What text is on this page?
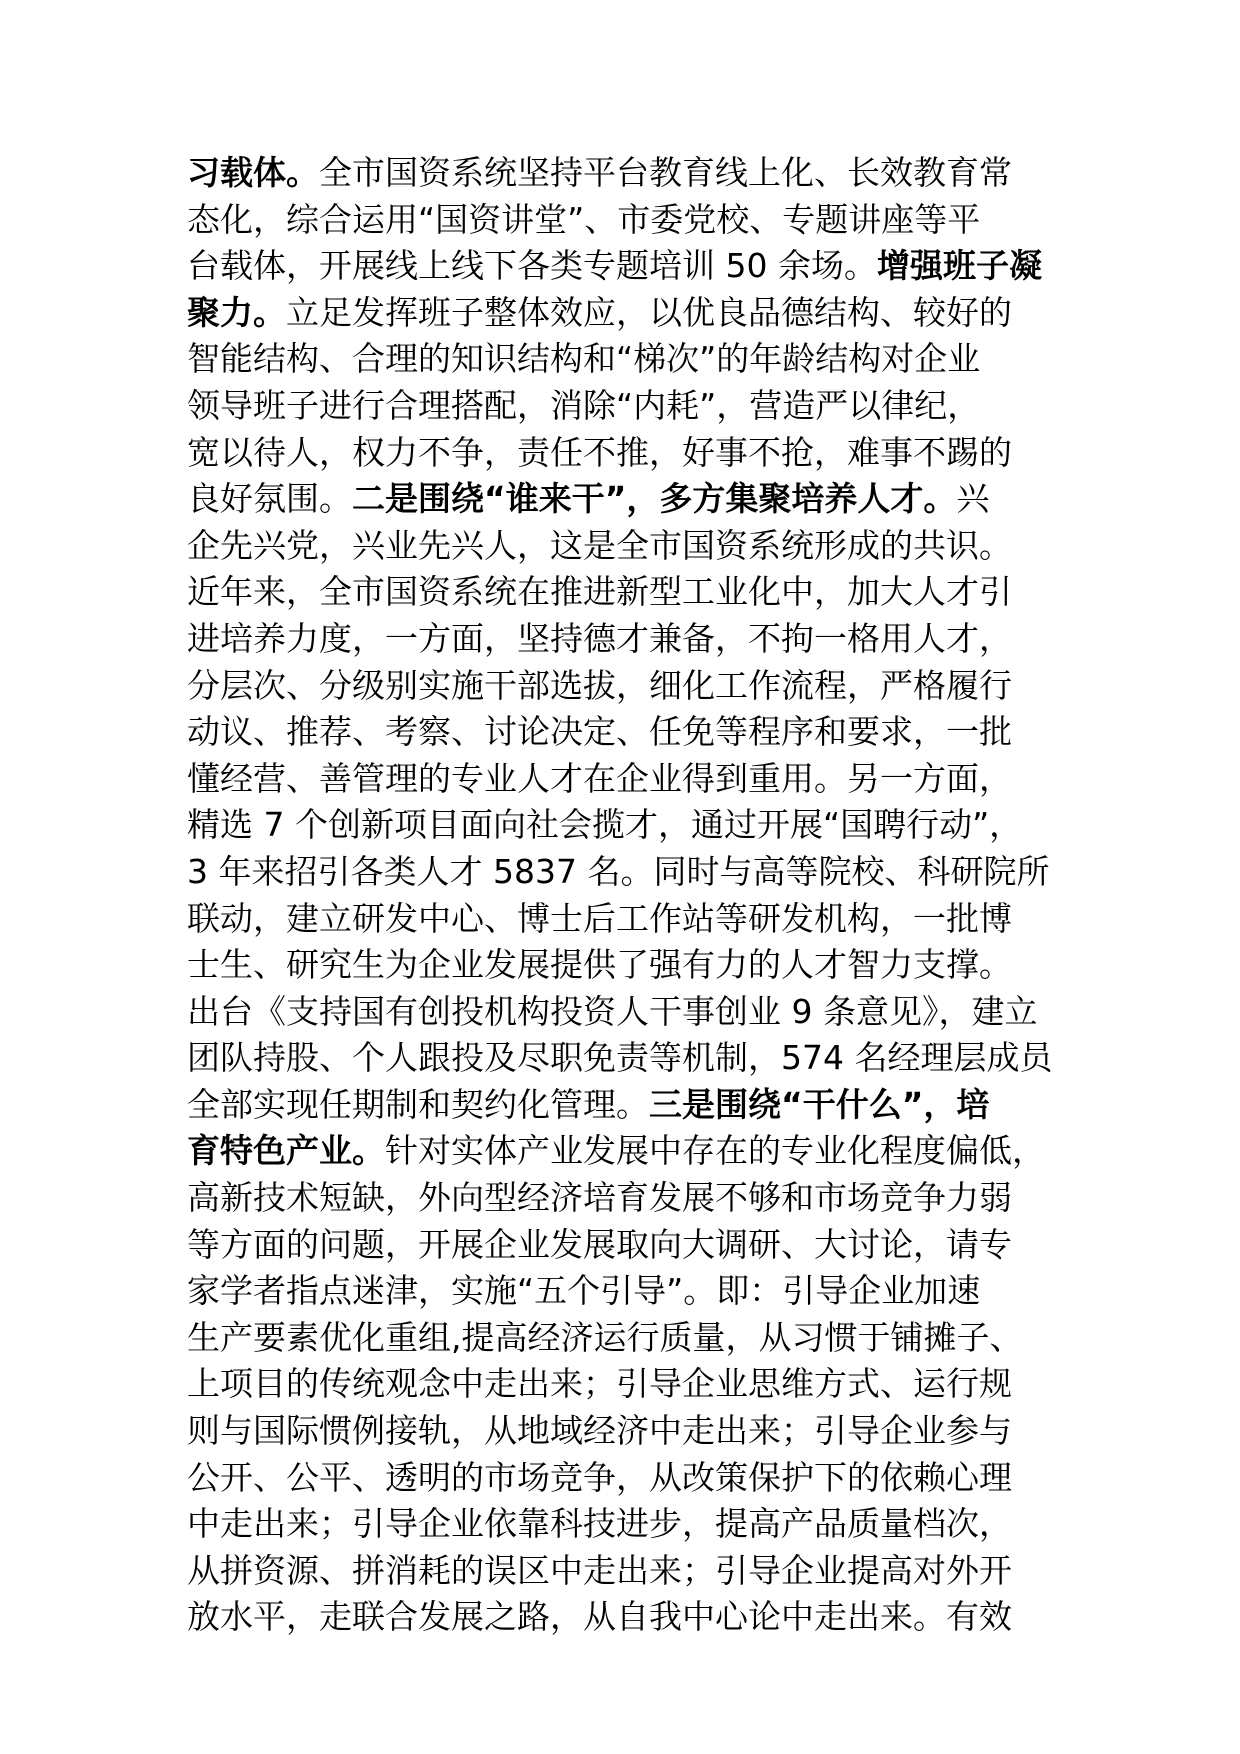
习载体。全市国资系统坚持平台教育线上化、长效教育常
态化，综合运用“国资讲堂”、市委党校、专题讲座等平
台载体，开展线上线下各类专题培训 50 余场。增强班子凝
聚力。立足发挥班子整体效应，以优良品德结构、较好的
智能结构、合理的知识结构和“梯次”的年龄结构对企业
领导班子进行合理搭配，消除“内耗”，营造严以律纪，
宽以待人，权力不争，责任不推，好事不抢，难事不踢的
良好氛围。二是围绕“谁来干”，多方集聚培养人才。兴
企先兴党，兴业先兴人，这是全市国资系统形成的共识。
近年来，全市国资系统在推进新型工业化中，加大人才引
进培养力度，一方面，坚持德才兼备，不拘一格用人才，
分层次、分级别实施干部选拔，细化工作流程，严格履行
动议、推荐、考察、讨论决定、任免等程序和要求，一批
懂经营、善管理的专业人才在企业得到重用。另一方面，
精选 7 个创新项目面向社会揽才，通过开展“国聘行动”，
3 年来招引各类人才 5837 名。同时与高等院校、科研院所
联动，建立研发中心、博士后工作站等研发机构，一批博
士生、研究生为企业发展提供了强有力的人才智力支撑。
出台《支持国有创投机构投资人干事创业 9 条意见》，建立
团队持股、个人跟投及尽职免责等机制，574 名经理层成员
全部实现任期制和契约化管理。三是围绕“干什么”，培
育特色产业。针对实体产业发展中存在的专业化程度偏低，
高新技术短缺，外向型经济培育发展不够和市场竞争力弱
等方面的问题，开展企业发展取向大调研、大讨论，请专
家学者指点迷津，实施“五个引导”。即：引导企业加速
生产要素优化重组,提高经济运行质量，从习惯于铺摊子、
上项目的传统观念中走出来；引导企业思维方式、运行规
则与国际惯例接轨，从地域经济中走出来；引导企业参与
公开、公平、透明的市场竞争，从改策保护下的依赖心理
中走出来；引导企业依靠科技进步，提高产品质量档次，
从拼资源、拼消耗的误区中走出来；引导企业提高对外开
放水平，走联合发展之路，从自我中心论中走出来。有效
